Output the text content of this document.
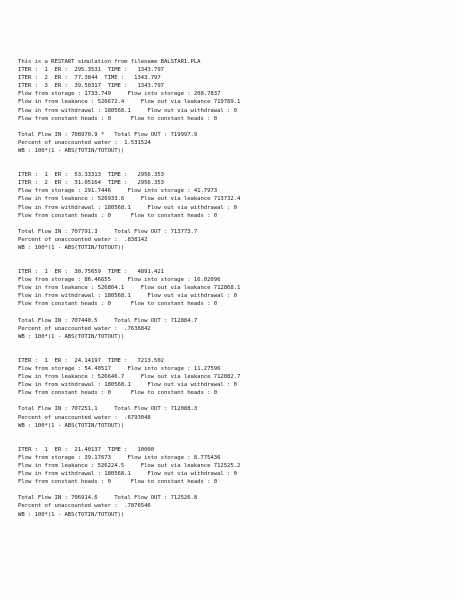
This is a RESTART simulation from filename BALSTAR1.PLA
ITER :  1  ER :  295.3531  TIME :   1343.797
ITER :  2  ER :  77.3844  TIME :   1343.797
ITER :  3  ER :  39.50317  TIME :   1343.797
Flow from storage : 1733.749     Flow into storage : 208.7837
Flow in from leakance : 526672.4     Flow out via leakance 719789.1
Flow in from withdrawal : 180568.1     Flow out via withdrawal : 0
Flow from constant heads : 0      Flow to constant heads : 0
Total Flow IN : 708970.9 *   Total Flow OUT : 719997.9
Percent of unaccounted water :  1.531524
WB : 100*(1 - ABS(TOTIN/TOTOUT))
ITER :  1  ER :  53.33313  TIME :   2956.353
ITER :  2  ER :  31.05164  TIME :   2956.353
Flow from storage : 291.7446     Flow into storage : 41.7973
Flow in from leakance : 526933.6     Flow out via leakance 713732.4
Flow in from withdrawal : 180568.1     Flow out via withdrawal : 0
Flow from constant heads : 0      Flow to constant heads : 0
Total Flow IN : 707791.3     Total Flow OUT : 713773.7
Percent of unaccounted water :  .838142
WB : 100*(1 - ABS(TOTIN/TOTOUT))
ITER :  1  ER :  30.75659  TIME :   4891.421
Flow from storage : 86.46655     Flow into storage : 16.02096
Flow in from leakance : 526804.1     Flow out via leakance 712868.1
Flow in from withdrawal : 180568.1     Flow out via withdrawal : 0
Flow from constant heads : 0      Flow to constant heads : 0
Total Flow IN : 707440.5     Total Flow OUT : 712884.7
Percent of unaccounted water :  .7636842
WB : 100*(1 - ABS(TOTIN/TOTOUT))
ITER :  1  ER :  24.14197  TIME :   7213.502
Flow from storage : 54.40517     Flow into storage : 11.27596
Flow in from leakance : 526646.7     Flow out via leakance 712082.7
Flow in from withdrawal : 180568.1     Flow out via withdrawal : 0
Flow from constant heads : 0      Flow to constant heads : 0
Total Flow IN : 707251.1     Total Flow OUT : 712088.3
Percent of unaccounted water :  .6793048
WB : 100*(1 - ABS(TOTIN/TOTOUT))
ITER :  1  ER :  21.40137  TIME :   10000
Flow from storage : 39.17673     Flow into storage : 8.775436
Flow in from leakance : 526224.5     Flow out via leakance 712525.2
Flow in from withdrawal : 180568.1     Flow out via withdrawal : 0
Flow from constant heads : 0      Flow to constant heads : 0
Total Flow IN : 706914.6     Total Flow OUT : 712526.8
Percent of unaccounted water :  .7876546
WB : 100*(1 - ABS(TOTIN/TOTOUT))
